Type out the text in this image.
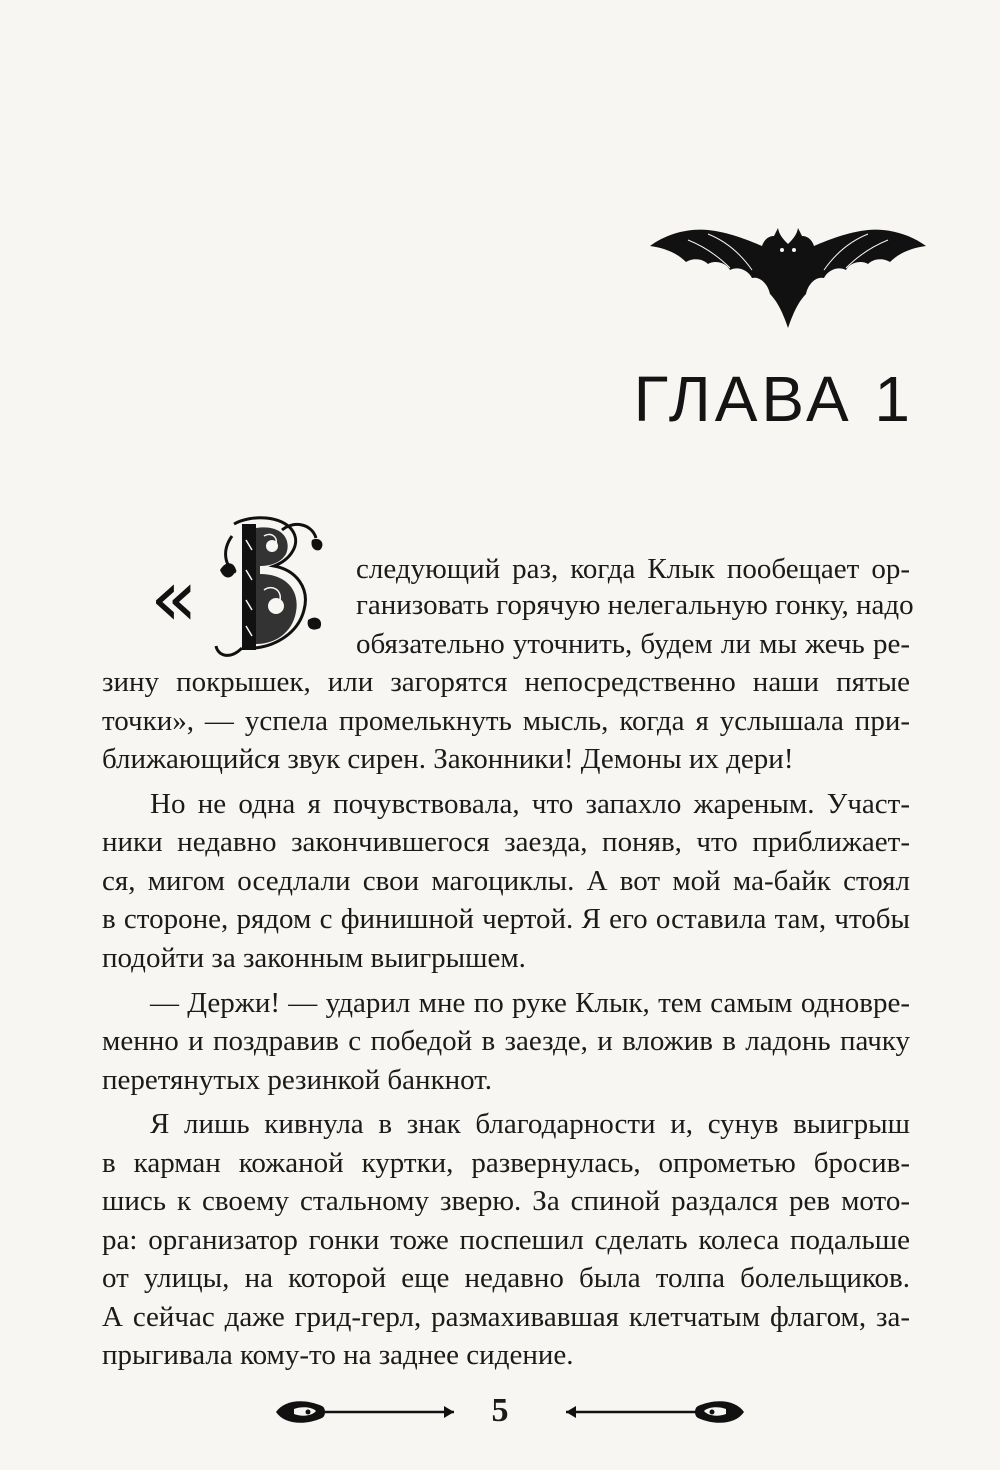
ГЛАВА 1
«	следующий раз, когда Клык пообещает ор-
ганизовать горячую нелегальную гонку, надо
обязательно уточнить, будем ли мы жечь ре-
зину покрышек, или загорятся непосредственно наши пятые
точки», — успела промелькнуть мысль, когда я услышала при-
ближающийся звук сирен. Законники! Демоны их дери!
Но не одна я почувствовала, что запахло жареным. Участ-
ники недавно закончившегося заезда, поняв, что приближает-
ся, мигом оседлали свои магоциклы. А вот мой ма-байк стоял
в стороне, рядом с финишной чертой. Я его оставила там, чтобы
подойти за законным выигрышем.
— Держи! — ударил мне по руке Клык, тем самым одновре-
менно и поздравив с победой в заезде, и вложив в ладонь пачку
перетянутых резинкой банкнот.
Я лишь кивнула в знак благодарности и, сунув выигрыш
в карман кожаной куртки, развернулась, опрометью бросив-
шись к своему стальному зверю. За спиной раздался рев мото-
ра: организатор гонки тоже поспешил сделать колеса подальше
от улицы, на которой еще недавно была толпа болельщиков.
А сейчас даже грид-герл, размахивавшая клетчатым флагом, за-
прыгивала кому-то на заднее сидение.
5
